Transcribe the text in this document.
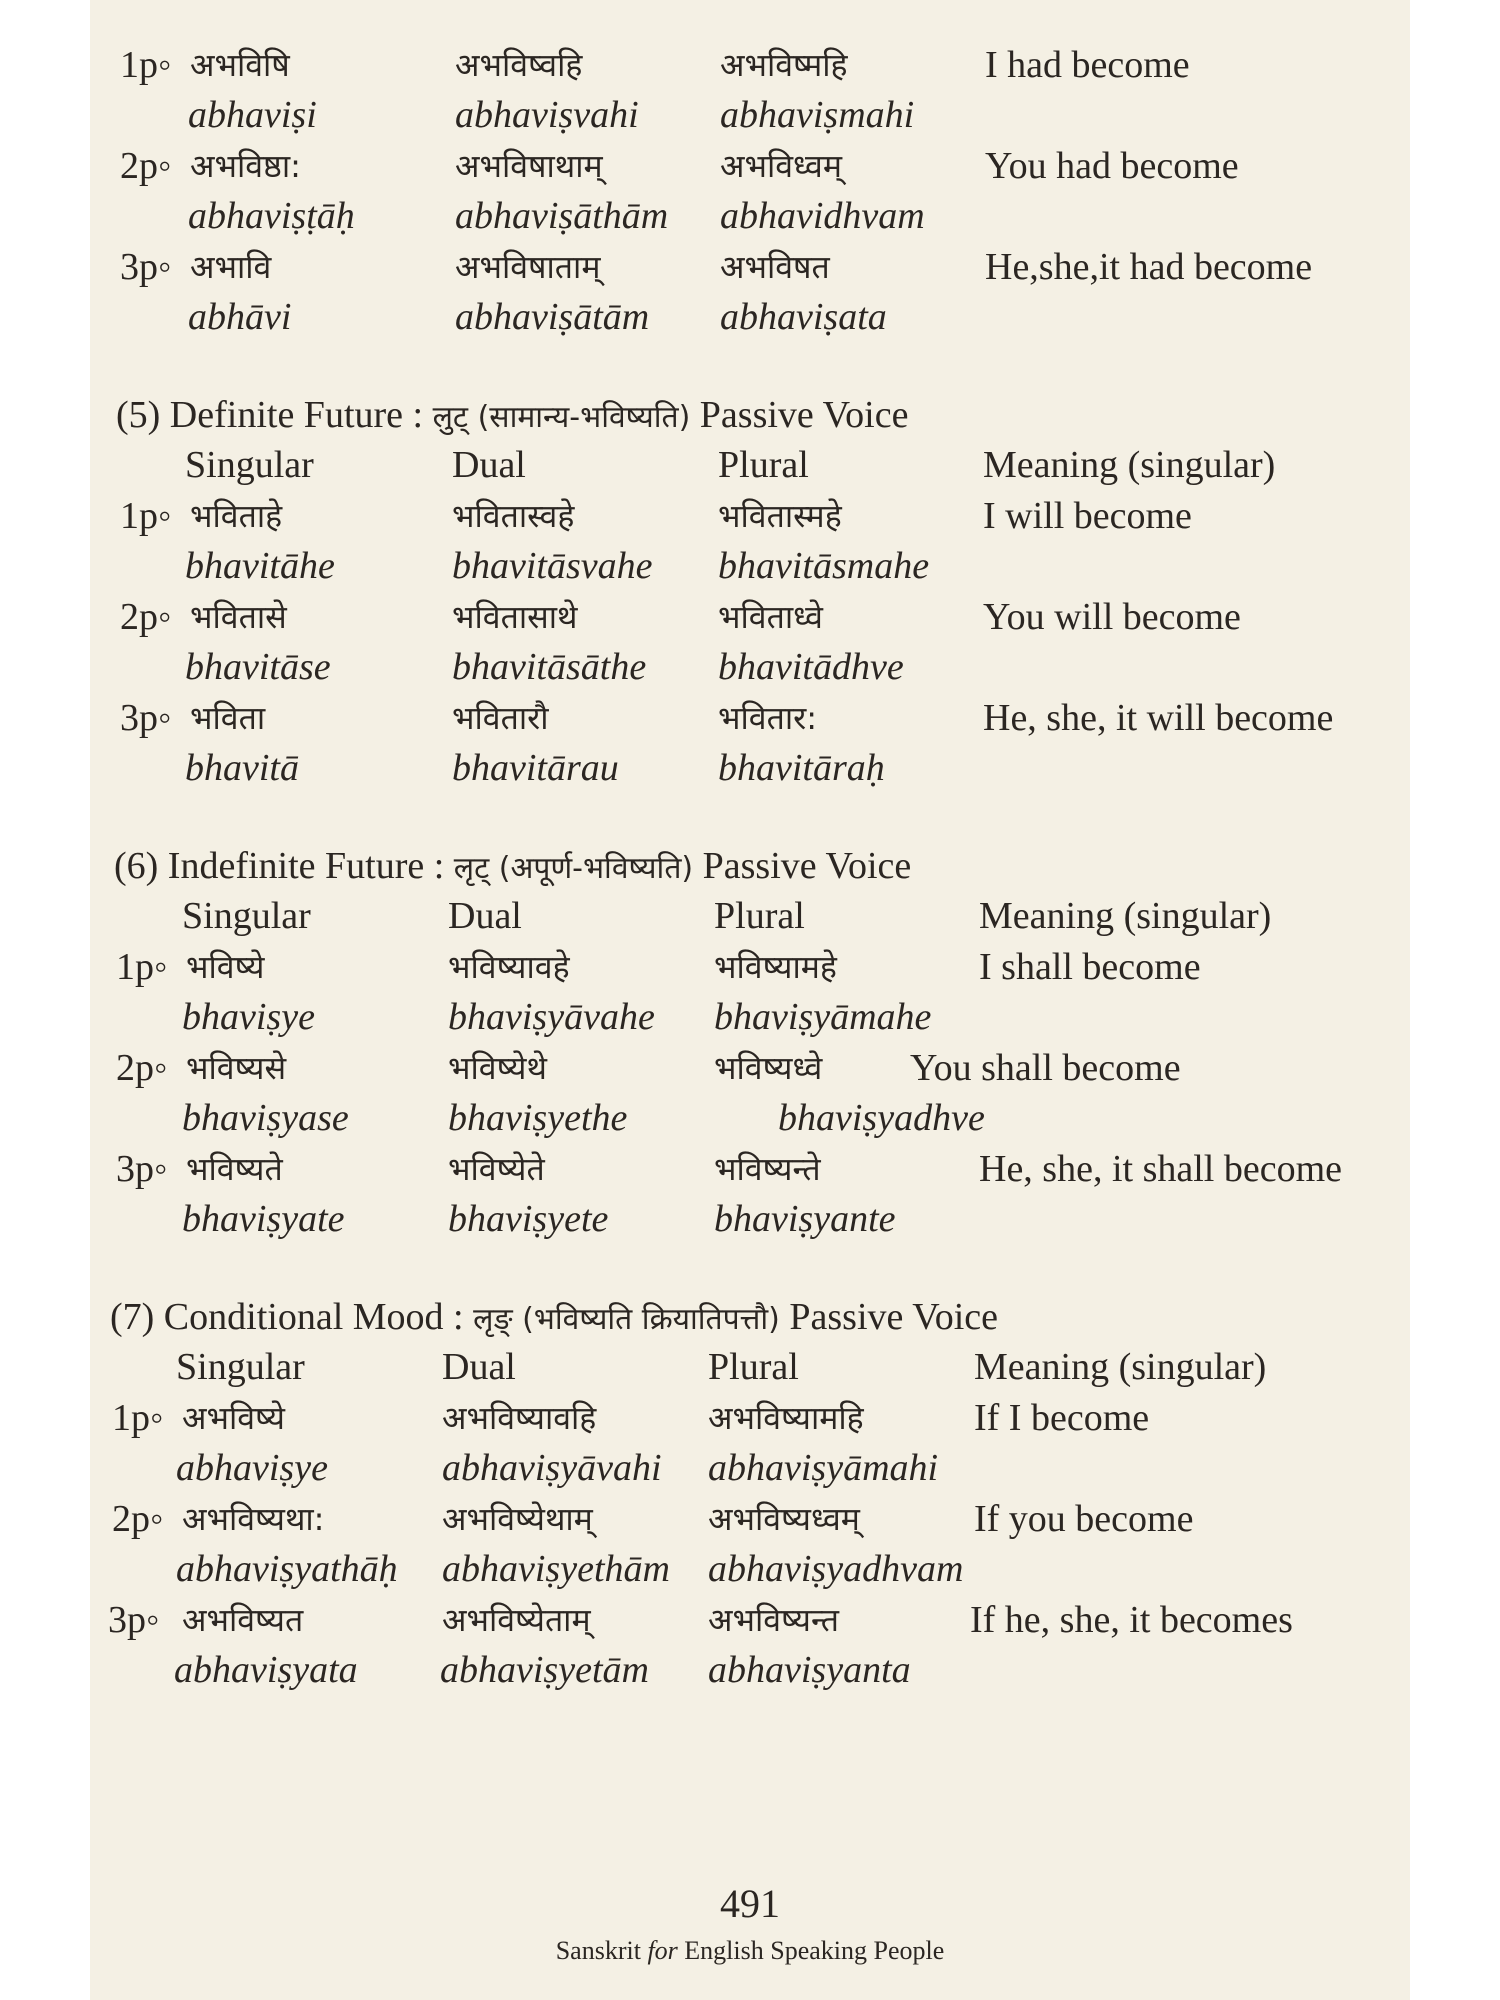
1p◦ अभविषि	अभविष्वहि	अभविष्महि	I had become
abhaviṣi	abhaviṣvahi abhaviṣmahi
2p◦ अभविष्ठा:	अभविषाथाम्	अभविध्वम्	You had become
abhaviṣṭāḥ	abhaviṣāthām abhavidhvam
3p◦ अभावि	अभविषाताम्	अभविषत	He,she,it had become
abhāvi	abhaviṣātām abhaviṣata
(5) Definite Future : लुट् (सामान्य-भविष्यति) Passive Voice
Singular	Dual	Plural	Meaning (singular)
1p◦ भविताहे	भवितास्वहे	भवितास्महे	I will become
bhavitāhe	bhavitāsvahe bhavitāsmahe
2p◦ भवितासे	भवितासाथे	भविताध्वे	You will become
bhavitāse	bhavitāsāthe bhavitādhve
3p◦ भविता	भवितारौ	भवितार:	He, she, it will become
bhavitā	bhavitārau	bhavitāraḥ
(6) Indefinite Future : लृट् (अपूर्ण-भविष्यति) Passive Voice
Singular	Dual	Plural	Meaning (singular)
1p◦ भविष्ये	भविष्यावहे	भविष्यामहे	I shall become
bhaviṣye	bhaviṣyāvahe bhaviṣyāmahe
2p◦ भविष्यसे	भविष्येथे	भविष्यध्वे You shall become
bhaviṣyase	bhaviṣyethe	bhaviṣyadhve
3p◦ भविष्यते	भविष्येते	भविष्यन्ते	He, she, it shall become
bhaviṣyate	bhaviṣyete	bhaviṣyante
(7) Conditional Mood : लृङ् (भविष्यति क्रियातिपत्तौ) Passive Voice
Singular	Dual	Plural	Meaning (singular)
1p◦ अभविष्ये	अभविष्यावहि	अभविष्यामहि	If I become
abhaviṣye	abhaviṣyāvahi abhaviṣyāmahi
2p◦ अभविष्यथा:	अभविष्येथाम्	अभविष्यध्वम्	If you become
abhaviṣyathāḥ abhaviṣyethām abhaviṣyadhvam
3p◦ अभविष्यत	अभविष्येताम्	अभविष्यन्त	If he, she, it becomes
abhaviṣyata abhaviṣyetām abhaviṣyanta
491
Sanskrit for English Speaking People
